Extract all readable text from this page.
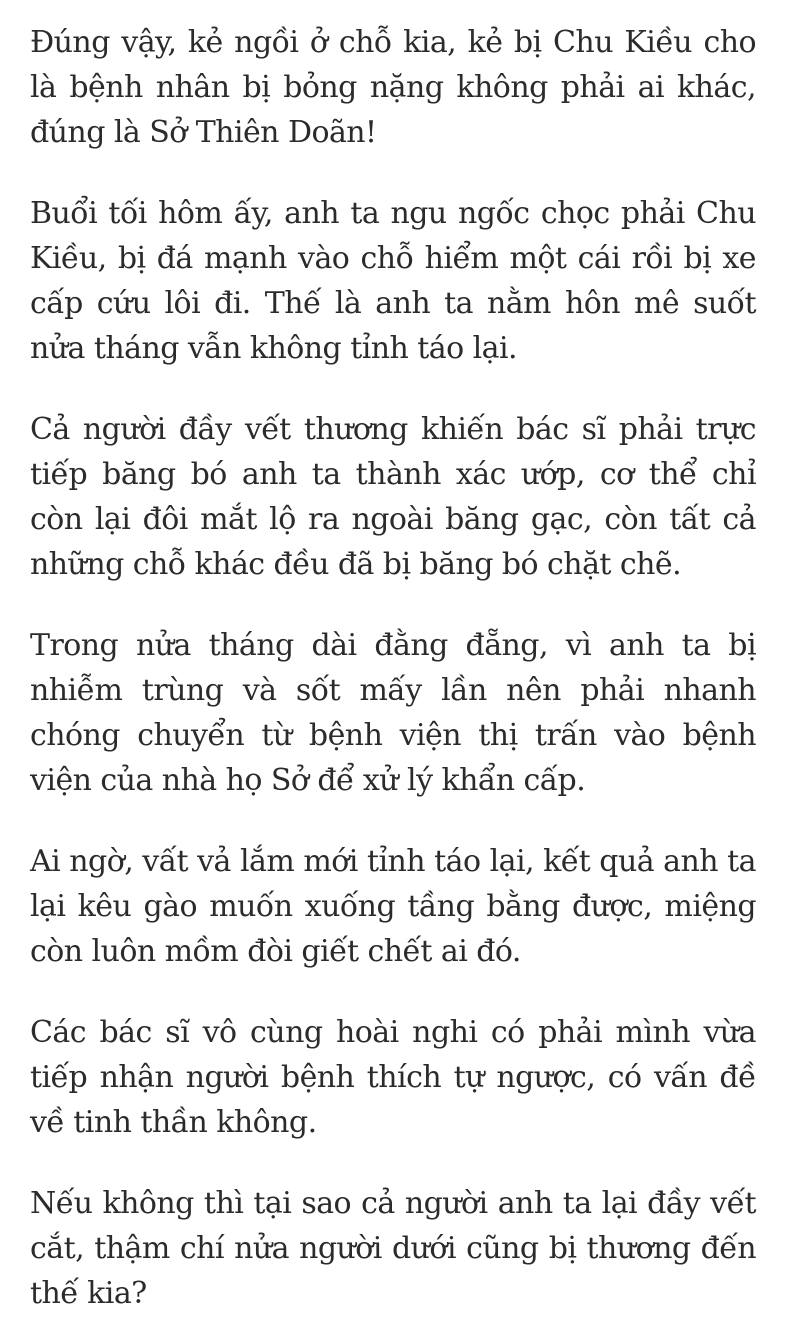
Đúng vậy, kẻ ngồi ở chỗ kia, kẻ bị Chu Kiều cho là bệnh nhân bị bỏng nặng không phải ai khác, đúng là Sở Thiên Doãn!

Buổi tối hôm ấy, anh ta ngu ngốc chọc phải Chu Kiều, bị đá mạnh vào chỗ hiểm một cái rồi bị xe cấp cứu lôi đi. Thế là anh ta nằm hôn mê suốt nửa tháng vẫn không tỉnh táo lại.

Cả người đầy vết thương khiến bác sĩ phải trực tiếp băng bó anh ta thành xác ướp, cơ thể chỉ còn lại đôi mắt lộ ra ngoài băng gạc, còn tất cả những chỗ khác đều đã bị băng bó chặt chẽ.

Trong nửa tháng dài đằng đẵng, vì anh ta bị nhiễm trùng và sốt mấy lần nên phải nhanh chóng chuyển từ bệnh viện thị trấn vào bệnh viện của nhà họ Sở để xử lý khẩn cấp.

Ai ngờ, vất vả lắm mới tỉnh táo lại, kết quả anh ta lại kêu gào muốn xuống tầng bằng được, miệng còn luôn mồm đòi giết chết ai đó.

Các bác sĩ vô cùng hoài nghi có phải mình vừa tiếp nhận người bệnh thích tự ngược, có vấn đề về tinh thần không.

Nếu không thì tại sao cả người anh ta lại đầy vết cắt, thậm chí nửa người dưới cũng bị thương đến thế kia?
